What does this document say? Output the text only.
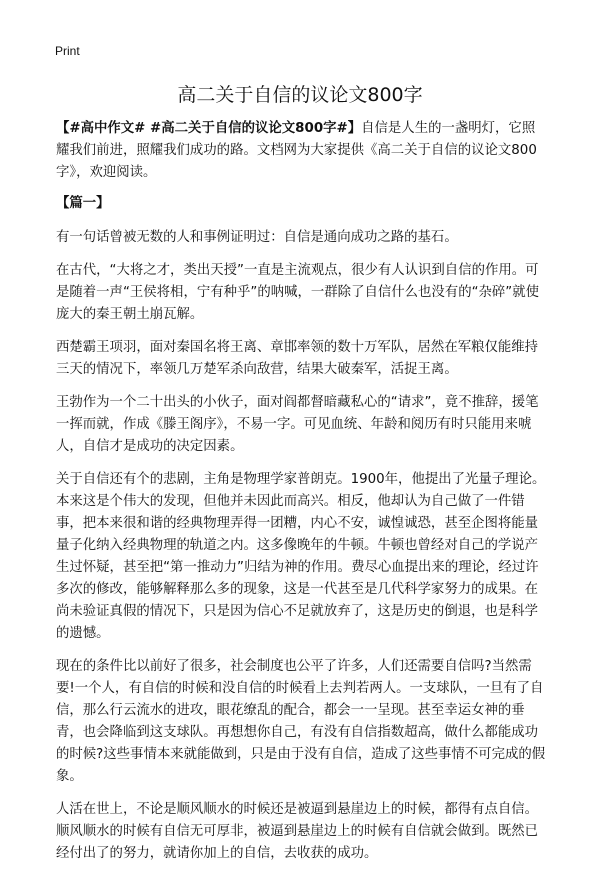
Print
高二关于自信的议论文800字

【#高中作文# #高二关于自信的议论文800字#】自信是人生的一盏明灯，它照耀我们前进，照耀我们成功的路。文档网为大家提供《高二关于自信的议论文800字》，欢迎阅读。

【篇一】

有一句话曾被无数的人和事例证明过：自信是通向成功之路的基石。

在古代，“大将之才，类出天授”一直是主流观点，很少有人认识到自信的作用。可是随着一声“王侯将相，宁有种乎”的呐喊，一群除了自信什么也没有的“杂碎”就使庞大的秦王朝土崩瓦解。

西楚霸王项羽，面对秦国名将王离、章邯率领的数十万军队，居然在军粮仅能维持三天的情况下，率领几万楚军杀向敌营，结果大破秦军，活捉王离。

王勃作为一个二十出头的小伙子，面对阎都督暗藏私心的“请求”，竟不推辞，援笔一挥而就，作成《滕王阁序》，不易一字。可见血统、年龄和阅历有时只能用来唬人，自信才是成功的决定因素。

关于自信还有个的悲剧，主角是物理学家普朗克。1900年，他提出了光量子理论。本来这是个伟大的发现，但他并未因此而高兴。相反，他却认为自己做了一件错事，把本来很和谐的经典物理弄得一团糟，内心不安，诚惶诚恐，甚至企图将能量量子化纳入经典物理的轨道之内。这多像晚年的牛顿。牛顿也曾经对自己的学说产生过怀疑，甚至把“第一推动力”归结为神的作用。费尽心血提出来的理论，经过许多次的修改，能够解释那么多的现象，这是一代甚至是几代科学家努力的成果。在尚未验证真假的情况下，只是因为信心不足就放弃了，这是历史的倒退，也是科学的遗憾。

现在的条件比以前好了很多，社会制度也公平了许多，人们还需要自信吗?当然需要!一个人，有自信的时候和没自信的时候看上去判若两人。一支球队，一旦有了自信，那么行云流水的进攻，眼花缭乱的配合，都会一一呈现。甚至幸运女神的垂青，也会降临到这支球队。再想想你自己，有没有自信指数超高，做什么都能成功的时候?这些事情本来就能做到，只是由于没有自信，造成了这些事情不可完成的假象。

人活在世上，不论是顺风顺水的时候还是被逼到悬崖边上的时候，都得有点自信。顺风顺水的时候有自信无可厚非，被逼到悬崖边上的时候有自信就会做到。既然已经付出了的努力，就请你加上的自信，去收获的成功。
